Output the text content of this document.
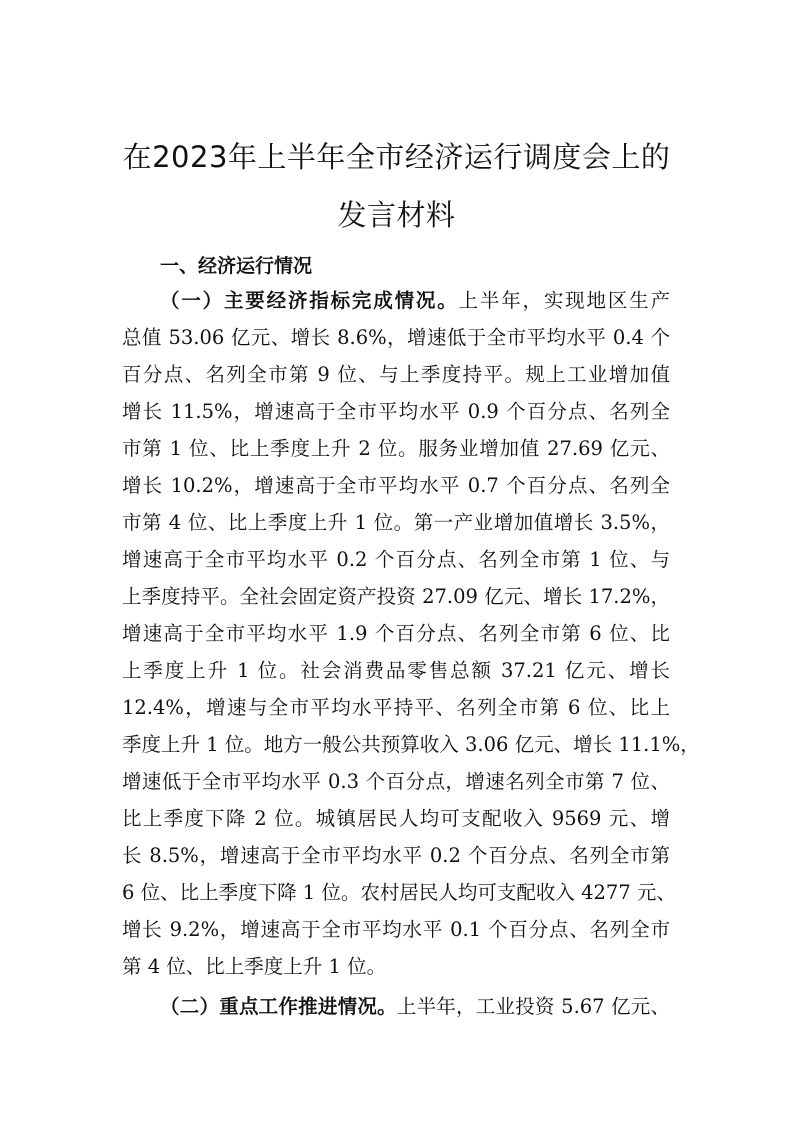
在2023年上半年全市经济运行调度会上的
发言材料
一、经济运行情况
（一）主要经济指标完成情况。上半年，实现地区生产
总值 53.06 亿元、增长 8.6%，增速低于全市平均水平 0.4 个
百分点、名列全市第 9 位、与上季度持平。规上工业增加值
增长 11.5%，增速高于全市平均水平 0.9 个百分点、名列全
市第 1 位、比上季度上升 2 位。服务业增加值 27.69 亿元、
增长 10.2%，增速高于全市平均水平 0.7 个百分点、名列全
市第 4 位、比上季度上升 1 位。第一产业增加值增长 3.5%，
增速高于全市平均水平 0.2 个百分点、名列全市第 1 位、与
上季度持平。全社会固定资产投资 27.09 亿元、增长 17.2%，
增速高于全市平均水平 1.9 个百分点、名列全市第 6 位、比
上季度上升 1 位。社会消费品零售总额 37.21 亿元、增长
12.4%，增速与全市平均水平持平、名列全市第 6 位、比上
季度上升 1 位。地方一般公共预算收入 3.06 亿元、增长 11.1%，
增速低于全市平均水平 0.3 个百分点，增速名列全市第 7 位、
比上季度下降 2 位。城镇居民人均可支配收入 9569 元、增
长 8.5%，增速高于全市平均水平 0.2 个百分点、名列全市第
6 位、比上季度下降 1 位。农村居民人均可支配收入 4277 元、
增长 9.2%，增速高于全市平均水平 0.1 个百分点、名列全市
第 4 位、比上季度上升 1 位。
（二）重点工作推进情况。上半年，工业投资 5.67 亿元、
